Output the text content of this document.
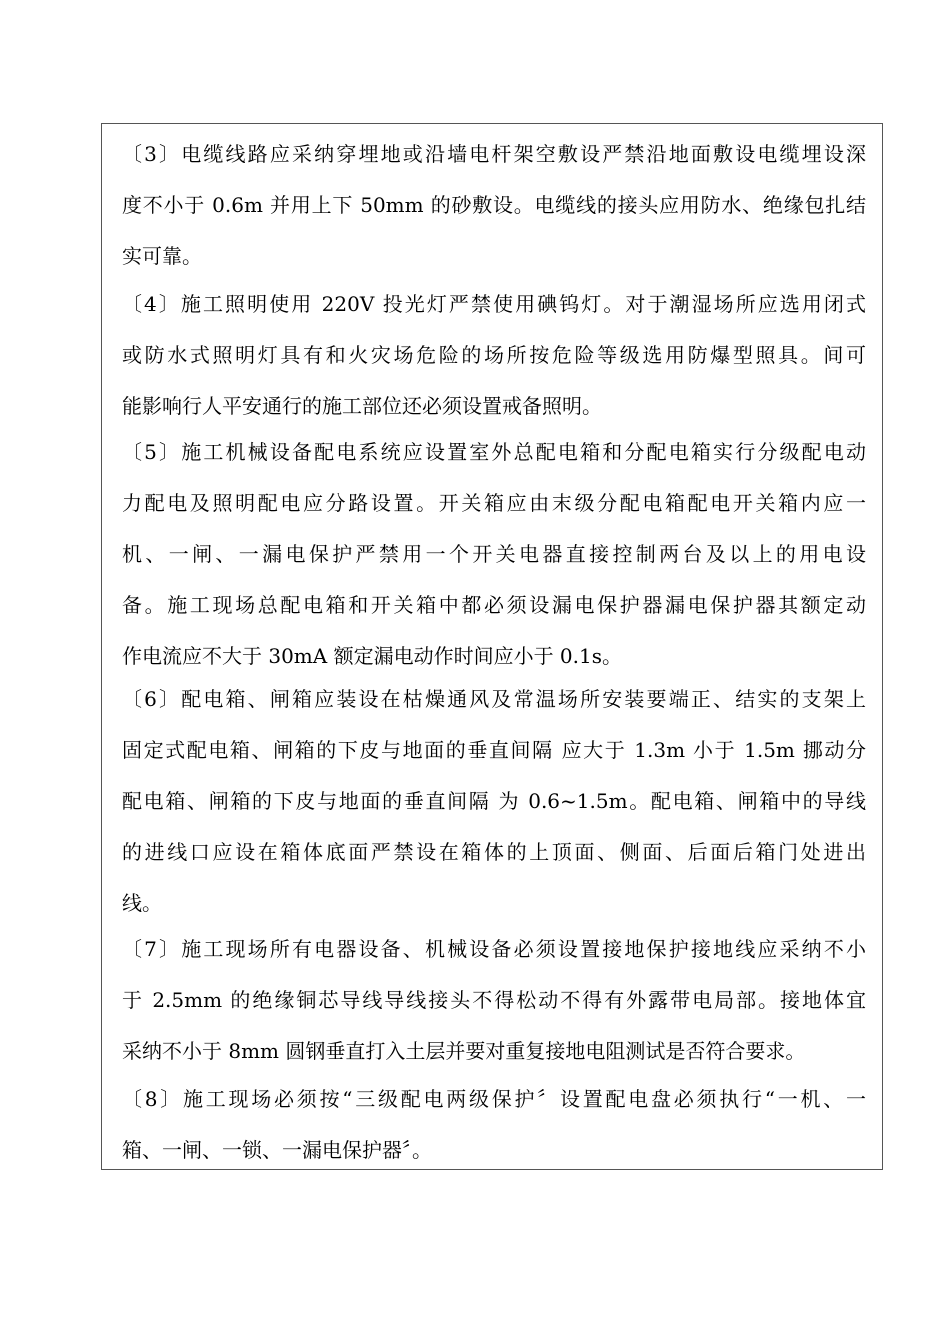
〔3〕电缆线路应采纳穿埋地或沿墙电杆架空敷设严禁沿地面敷设电缆埋设深
度不小于 0.6m 并用上下 50mm 的砂敷设。电缆线的接头应用防水、绝缘包扎结
实可靠。
〔4〕施工照明使用 220V 投光灯严禁使用碘钨灯。对于潮湿场所应选用闭式
或防水式照明灯具有和火灾场危险的场所按危险等级选用防爆型照具。间可
能影响行人平安通行的施工部位还必须设置戒备照明。
〔5〕施工机械设备配电系统应设置室外总配电箱和分配电箱实行分级配电动
力配电及照明配电应分路设置。开关箱应由末级分配电箱配电开关箱内应一
机、一闸、一漏电保护严禁用一个开关电器直接控制两台及以上的用电设
备。施工现场总配电箱和开关箱中都必须设漏电保护器漏电保护器其额定动
作电流应不大于 30mA 额定漏电动作时间应小于 0.1s。
〔6〕配电箱、闸箱应装设在枯燥通风及常温场所安装要端正、结实的支架上
固定式配电箱、闸箱的下皮与地面的垂直间隔 应大于 1.3m 小于 1.5m 挪动分
配电箱、闸箱的下皮与地面的垂直间隔 为 0.6~1.5m。配电箱、闸箱中的导线
的进线口应设在箱体底面严禁设在箱体的上顶面、侧面、后面后箱门处进出
线。
〔7〕施工现场所有电器设备、机械设备必须设置接地保护接地线应采纳不小
于 2.5mm 的绝缘铜芯导线导线接头不得松动不得有外露带电局部。接地体宜
采纳不小于 8mm 圆钢垂直打入土层并要对重复接地电阻测试是否符合要求。
〔8〕施工现场必须按“三级配电两级保护〞设置配电盘必须执行“一机、一
箱、一闸、一锁、一漏电保护器〞。
